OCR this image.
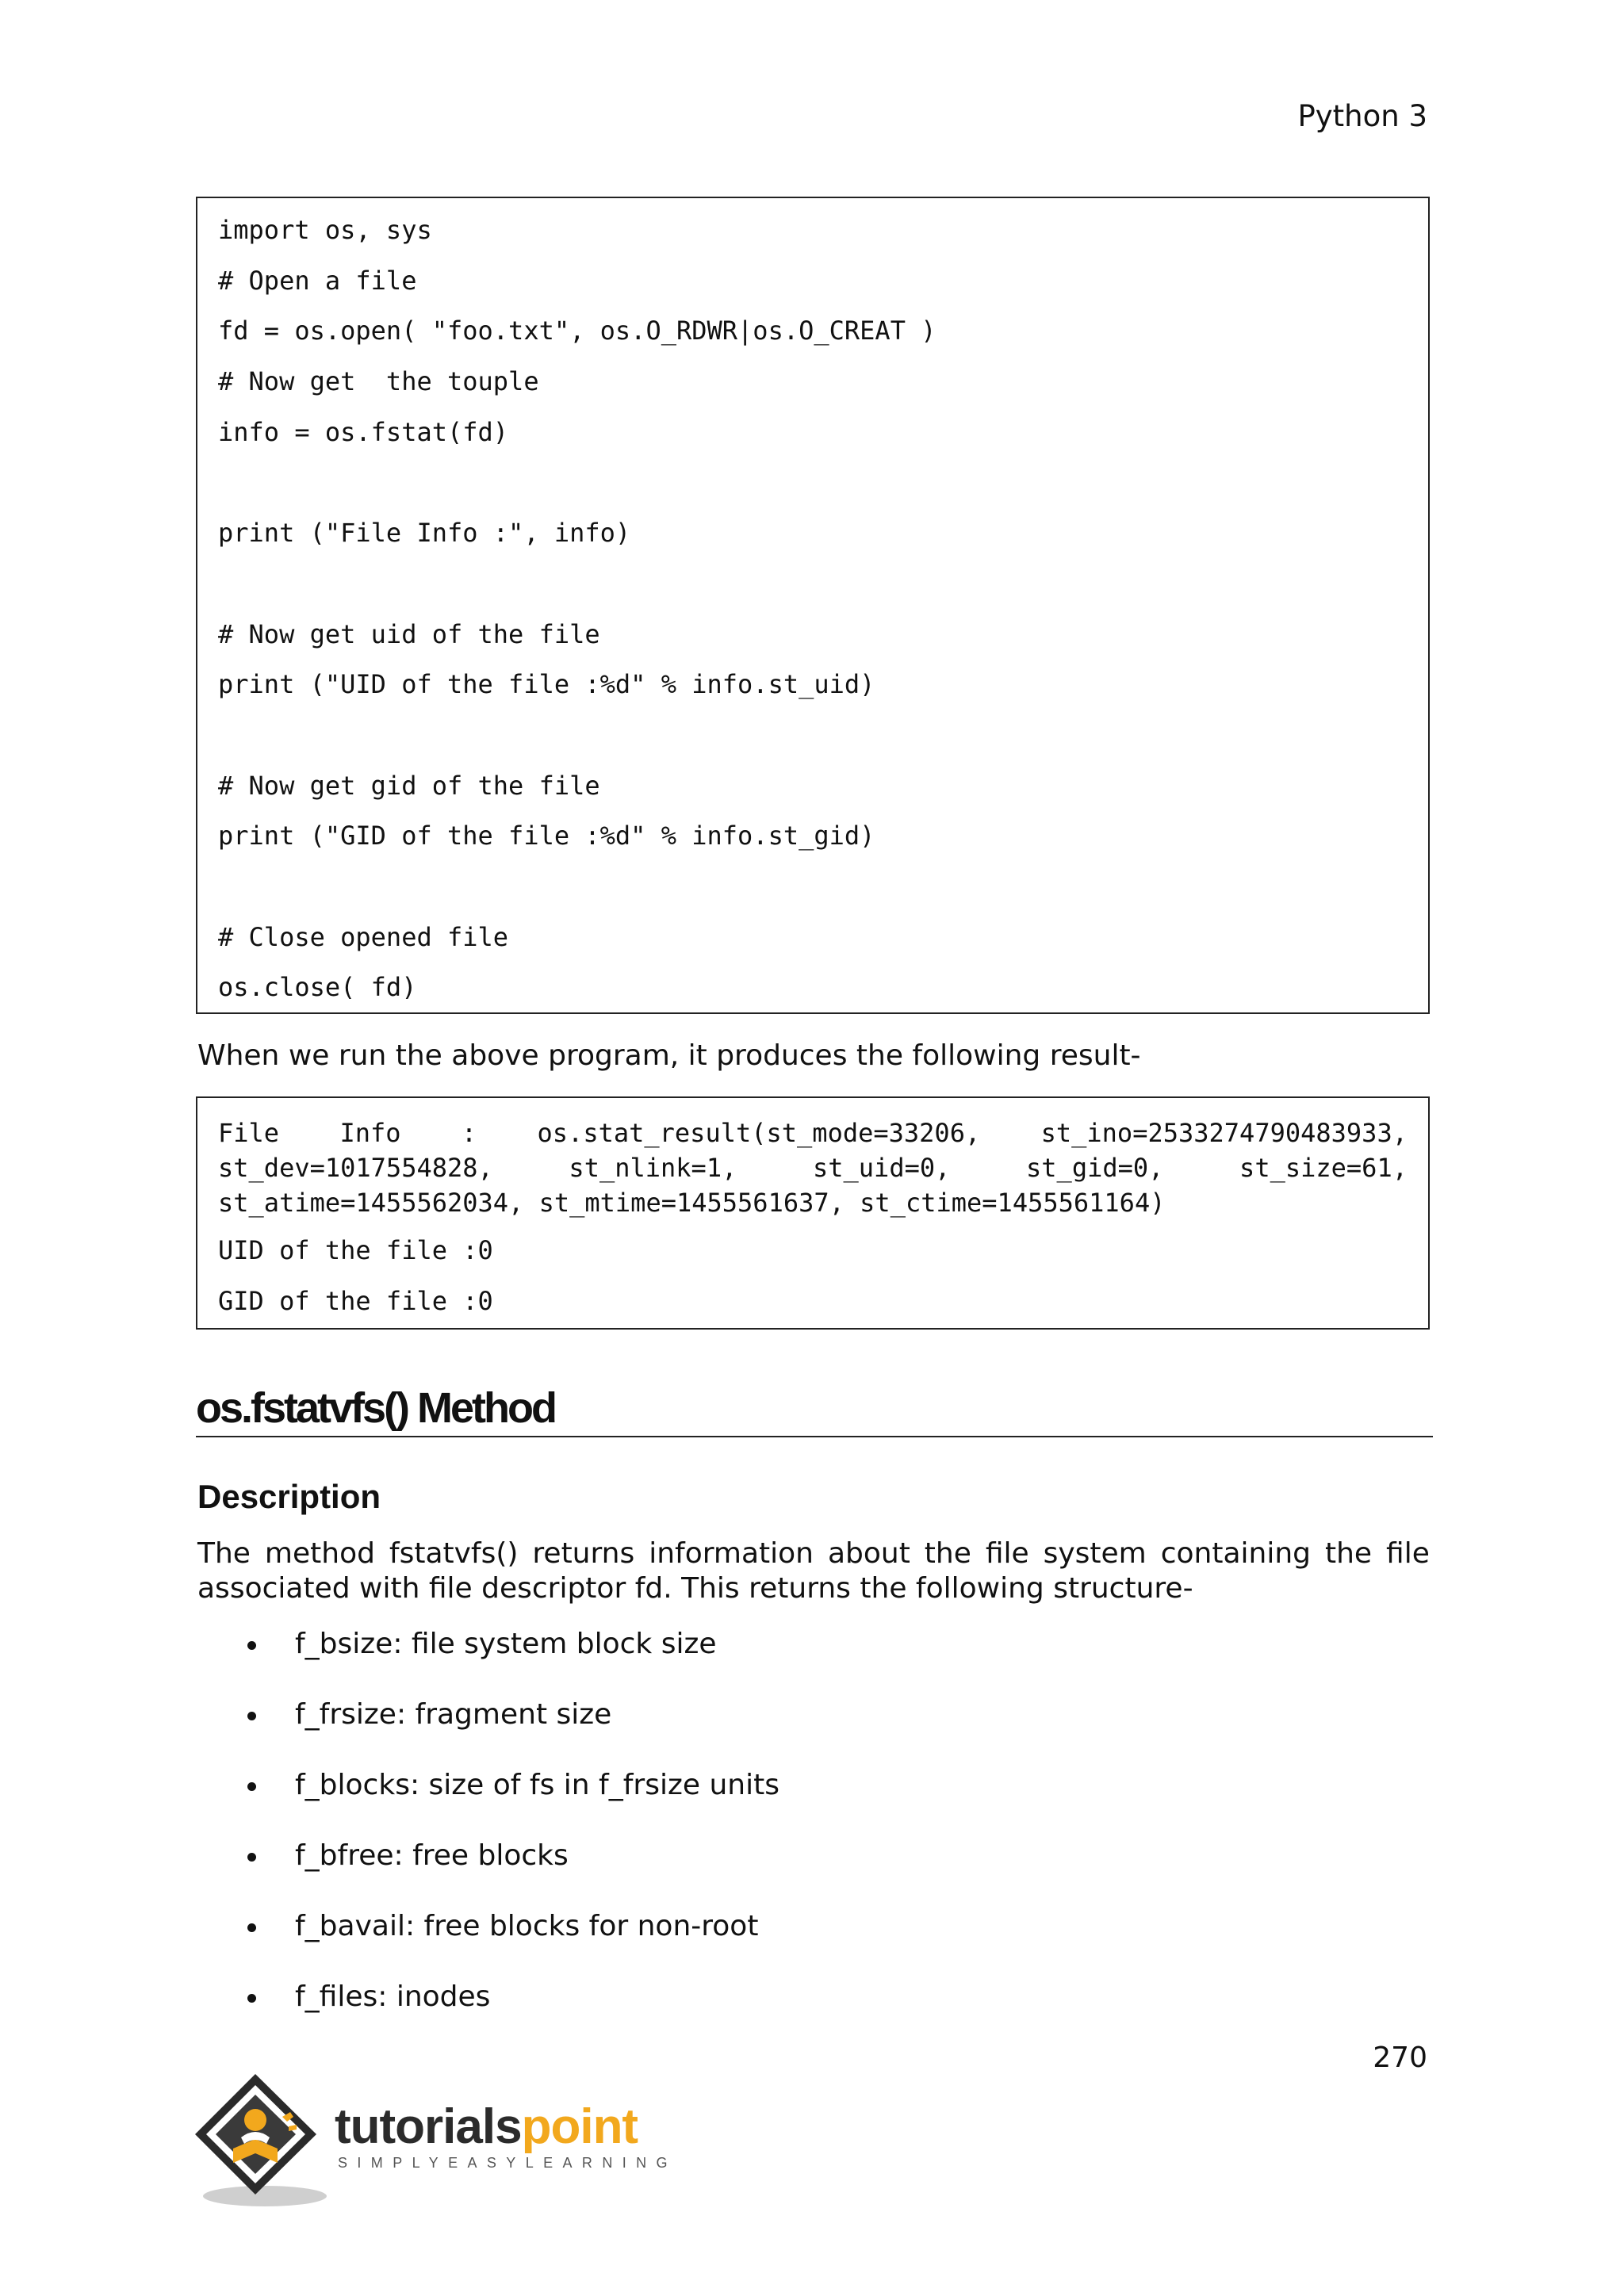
Python 3
import os, sys
# Open a file
fd = os.open( "foo.txt", os.O_RDWR|os.O_CREAT )
# Now get  the touple
info = os.fstat(fd)
print ("File Info :", info)
# Now get uid of the file
print ("UID of the file :%d" % info.st_uid)
# Now get gid of the file
print ("GID of the file :%d" % info.st_gid)
# Close opened file
os.close( fd)
When we run the above program, it produces the following result-
File Info : os.stat_result(st_mode=33206, st_ino=2533274790483933,
st_dev=1017554828,	st_nlink=1,	st_uid=0,	st_gid=0,	st_size=61,
st_atime=1455562034, st_mtime=1455561637, st_ctime=1455561164)
UID of the file :0
GID of the file :0
os.fstatvfs() Method
Description
The method fstatvfs() returns information about the file system containing the file
associated with file descriptor fd. This returns the following structure-
f_bsize: file system block size
f_frsize: fragment size
f_blocks: size of fs in f_frsize units
f_bfree: free blocks
f_bavail: free blocks for non-root
f_files: inodes
270
tutorialspoint
SIMPLYEASYLEARNING
